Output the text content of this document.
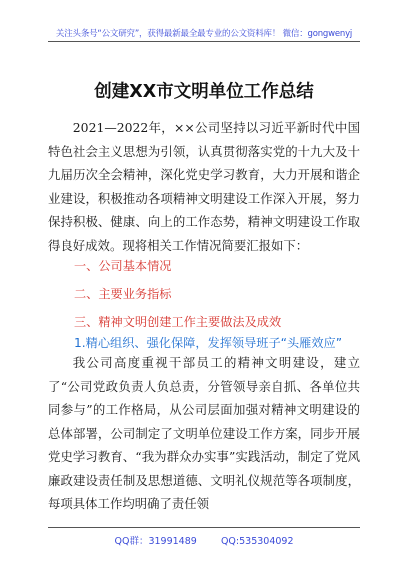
关注头条号“公文研究”，获得最新最全最专业的公文资料库！ 微信：gongwenyj
创建XX市文明单位工作总结

2021—2022年，××公司坚持以习近平新时代中国特色社会主义思想为引领，认真贯彻落实党的十九大及十九届历次全会精神，深化党史学习教育，大力开展和谐企业建设，积极推动各项精神文明建设工作深入开展，努力保持积极、健康、向上的工作态势，精神文明建设工作取得良好成效。现将相关工作情况简要汇报如下：

一、公司基本情况
二、主要业务指标
三、精神文明创建工作主要做法及成效
1.精心组织、强化保障，发挥领导班子“头雁效应”

我公司高度重视干部员工的精神文明建设，建立了“公司党政负责人负总责，分管领导亲自抓、各单位共同参与”的工作格局，从公司层面加强对精神文明建设的总体部署，公司制定了文明单位建设工作方案，同步开展党史学习教育、“我为群众办实事”实践活动，制定了党风廉政建设责任制及思想道德、文明礼仪规范等各项制度，每项具体工作均明确了责任领

QQ群：31991489        QQ:535304092
